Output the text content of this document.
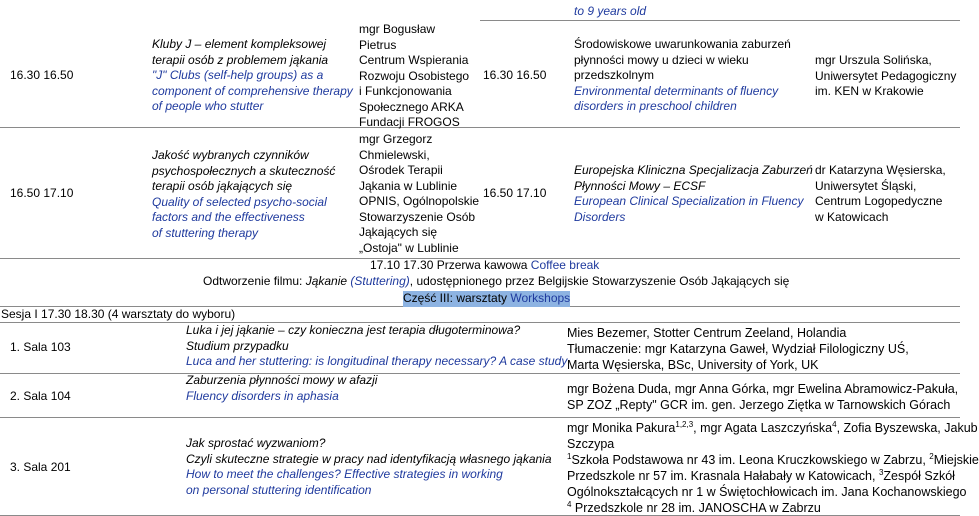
to 9 years old
16.30 16.50
Kluby J – element kompleksowej
terapii osób z problemem jąkania
"J" Clubs (self-help groups) as a
component of comprehensive therapy
of people who stutter
mgr Bogusław
Pietrus
Centrum Wspierania
Rozwoju Osobistego
i Funkcjonowania
Społecznego ARKA
Fundacji FROGOS
16.50 17.10
Jakość wybranych czynników
psychospołecznych a skuteczność
terapii osób jąkających się
Quality of selected psycho-social
factors and the effectiveness
of stuttering therapy
mgr Grzegorz
Chmielewski,
Ośrodek Terapii
Jąkania w Lublinie
OPNIS, Ogólnopolskie
Stowarzyszenie Osób
Jąkających się
„Ostoja" w Lublinie
16.30 16.50
Środowiskowe uwarunkowania zaburzeń
płynności mowy u dzieci w wieku
przedszkolnym
Environmental determinants of fluency
disorders in preschool children
mgr Urszula Solińska,
Uniwersytet Pedagogiczny
im. KEN w Krakowie
16.50 17.10
Europejska Kliniczna Specjalizacja Zaburzeń
Płynności Mowy – ECSF
European Clinical Specialization in Fluency
Disorders
dr Katarzyna Węsierska,
Uniwersytet Śląski,
Centrum Logopedyczne
w Katowicach
17.10 17.30 Przerwa kawowa Coffee break
Odtworzenie filmu: Jąkanie (Stuttering), udostępnionego przez Belgijskie Stowarzyszenie Osób Jąkających się
Część III: warsztaty Workshops
Sesja I 17.30 18.30 (4 warsztaty do wyboru)
1. Sala 103
Luka i jej jąkanie – czy konieczna jest terapia długoterminowa?
Studium przypadku
Luca and her stuttering: is longitudinal therapy necessary? A case study
Mies Bezemer, Stotter Centrum Zeeland, Holandia
Tłumaczenie: mgr Katarzyna Gaweł, Wydział Filologiczny UŚ,
Marta Węsierska, BSc, University of York, UK
2. Sala 104
Zaburzenia płynności mowy w afazji
Fluency disorders in aphasia	mgr Bożena Duda, mgr Anna Górka, mgr Ewelina Abramowicz-Pakuła,
SP ZOZ „Repty" GCR im. gen. Jerzego Ziętka w Tarnowskich Górach
3. Sala 201
Jak sprostać wyzwaniom?
Czyli skuteczne strategie w pracy nad identyfikacją własnego jąkania
How to meet the challenges? Effective strategies in working
on personal stuttering identification
mgr Monika Pakura$^{1,2,3}$, mgr Agata Laszczyńska$^4$, Zofia Byszewska, Jakub
Szczypa
$^1$Szkoła Podstawowa nr 43 im. Leona Kruczkowskiego w Zabrzu, $^2$Miejskie
Przedszkole nr 57 im. Krasnala Hałabały w Katowicach, $^3$Zespół Szkół
Ogólnokształcących nr 1 w Świętochłowicach im. Jana Kochanowskiego
$^4$ Przedszkole nr 28 im. JANOSCHA w Zabrzu
